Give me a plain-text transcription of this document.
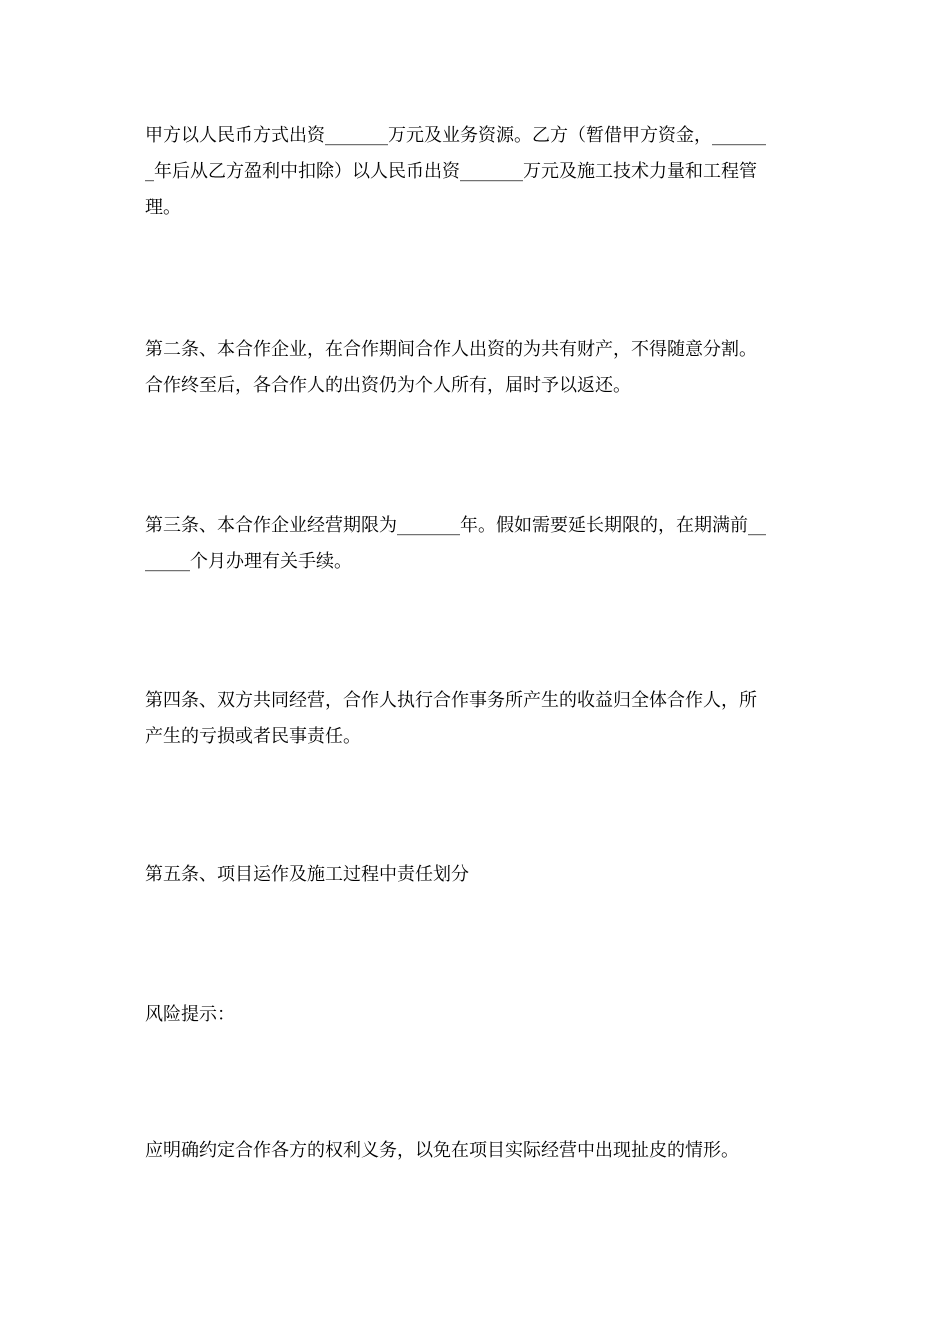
甲方以人民币方式出资_______万元及业务资源。乙方（暂借甲方资金，______
_年后从乙方盈利中扣除）以人民币出资_______万元及施工技术力量和工程管
理。

第二条、本合作企业，在合作期间合作人出资的为共有财产，不得随意分割。
合作终至后，各合作人的出资仍为个人所有，届时予以返还。

第三条、本合作企业经营期限为_______年。假如需要延长期限的，在期满前__
_____个月办理有关手续。

第四条、双方共同经营，合作人执行合作事务所产生的收益归全体合作人，所
产生的亏损或者民事责任。

第五条、项目运作及施工过程中责任划分

风险提示：

应明确约定合作各方的权利义务，以免在项目实际经营中出现扯皮的情形。
